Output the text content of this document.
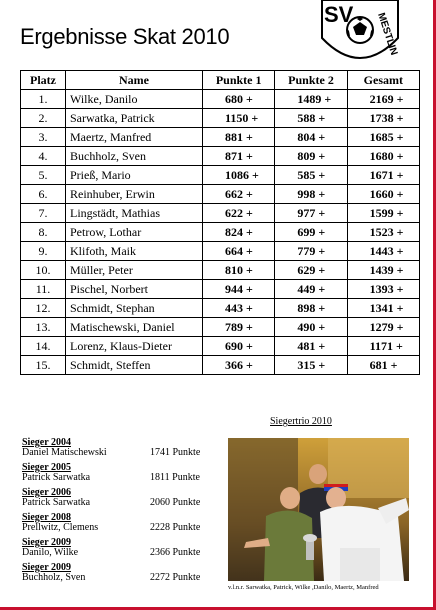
Ergebnisse Skat 2010
SV MESTLIN
Platz	Name	Punkte 1	Punkte 2	Gesamt
1.	Wilke, Danilo	680 +	1489 +	2169 +
2.	Sarwatka, Patrick	1150 +	588 +	1738 +
3.	Maertz, Manfred	881 +	804 +	1685 +
4.	Buchholz, Sven	871 +	809 +	1680 +
5.	Prieß, Mario	1086 +	585 +	1671 +
6.	Reinhuber, Erwin	662 +	998 +	1660 +
7.	Lingstädt, Mathias	622 +	977 +	1599 +
8.	Petrow, Lothar	824 +	699 +	1523 +
9.	Klifoth, Maik	664 +	779 +	1443 +
10.	Müller, Peter	810 +	629 +	1439 +
11.	Pischel, Norbert	944 +	449 +	1393 +
12.	Schmidt, Stephan	443 +	898 +	1341 +
13.	Matischewski, Daniel	789 +	490 +	1279 +
14.	Lorenz, Klaus-Dieter	690 +	481 +	1171 +
15.	Schmidt, Steffen	366 +	315 +	681 +
Sieger 2004
Daniel Matischewski	1741 Punkte
Sieger 2005
Patrick Sarwatka	1811 Punkte
Sieger 2006
Patrick Sarwatka	2060 Punkte
Sieger 2008
Prellwitz, Clemens	2228 Punkte
Sieger 2009
Danilo, Wilke	2366 Punkte
Sieger 2009
Buchholz, Sven	2272 Punkte
Siegertrio 2010
v.l.n.r. Sarwatka, Patrick, Wilke ,Danilo, Maertz, Manfred
